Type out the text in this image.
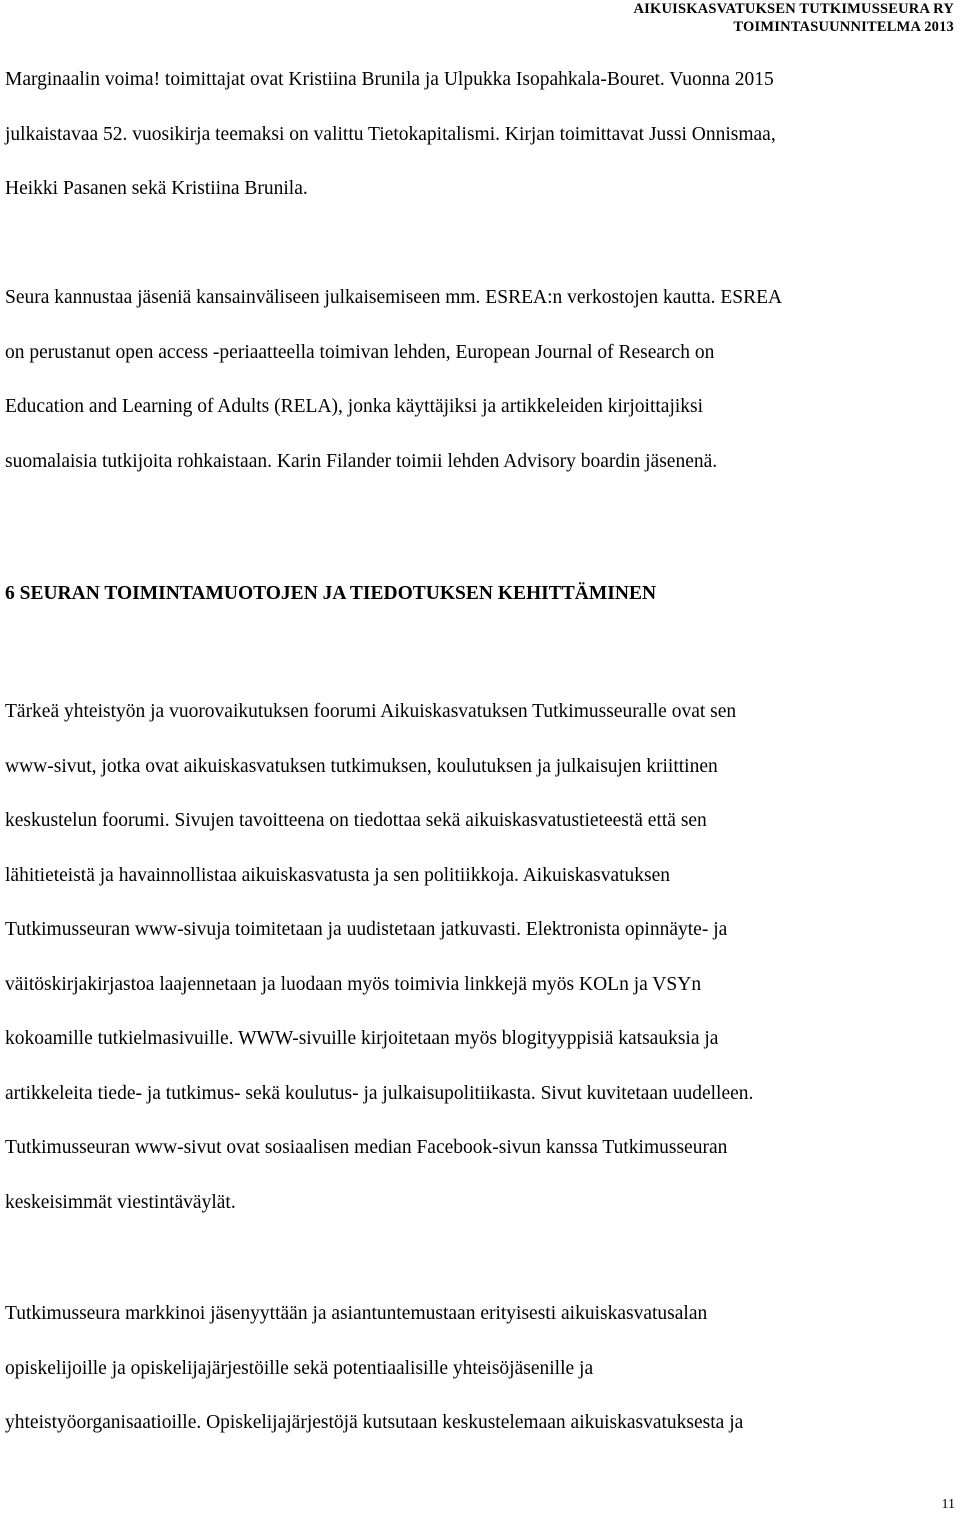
AIKUISKASVATUKSEN TUTKIMUSSEURA RY
TOIMINTASUUNNITELMA 2013

Marginaalin voima! toimittajat ovat Kristiina Brunila ja Ulpukka Isopahkala-Bouret. Vuonna 2015
julkaistavaa 52. vuosikirja teemaksi on valittu Tietokapitalismi. Kirjan toimittavat Jussi Onnismaa,
Heikki Pasanen sekä Kristiina Brunila.

Seura kannustaa jäseniä kansainväliseen julkaisemiseen mm. ESREA:n verkostojen kautta. ESREA
on perustanut open access -periaatteella toimivan lehden, European Journal of Research on
Education and Learning of Adults (RELA), jonka käyttäjiksi ja artikkeleiden kirjoittajiksi
suomalaisia tutkijoita rohkaistaan. Karin Filander toimii lehden Advisory boardin jäsenenä.

6 SEURAN TOIMINTAMUOTOJEN JA TIEDOTUKSEN KEHITTÄMINEN

Tärkeä yhteistyön ja vuorovaikutuksen foorumi Aikuiskasvatuksen Tutkimusseuralle ovat sen
www-sivut, jotka ovat aikuiskasvatuksen tutkimuksen, koulutuksen ja julkaisujen kriittinen
keskustelun foorumi. Sivujen tavoitteena on tiedottaa sekä aikuiskasvatustieteestä että sen
lähitieteistä ja havainnollistaa aikuiskasvatusta ja sen politiikkoja. Aikuiskasvatuksen
Tutkimusseuran www-sivuja toimitetaan ja uudistetaan jatkuvasti. Elektronista opinnäyte- ja
väitöskirjakirjastoa laajennetaan ja luodaan myös toimivia linkkejä myös KOLn ja VSYn
kokoamille tutkielmasivuille. WWW-sivuille kirjoitetaan myös blogityyppisiä katsauksia ja
artikkeleita tiede- ja tutkimus- sekä koulutus- ja julkaisupolitiikasta. Sivut kuvitetaan uudelleen.
Tutkimusseuran www-sivut ovat sosiaalisen median Facebook-sivun kanssa Tutkimusseuran
keskeisimmät viestintäväylät.

Tutkimusseura markkinoi jäsenyyttään ja asiantuntemustaan erityisesti aikuiskasvatusalan
opiskelijoille ja opiskelijajärjestöille sekä potentiaalisille yhteisöjäsenille ja
yhteistyöorganisaatioille. Opiskelijajärjestöjä kutsutaan keskustelemaan aikuiskasvatuksesta ja

11
